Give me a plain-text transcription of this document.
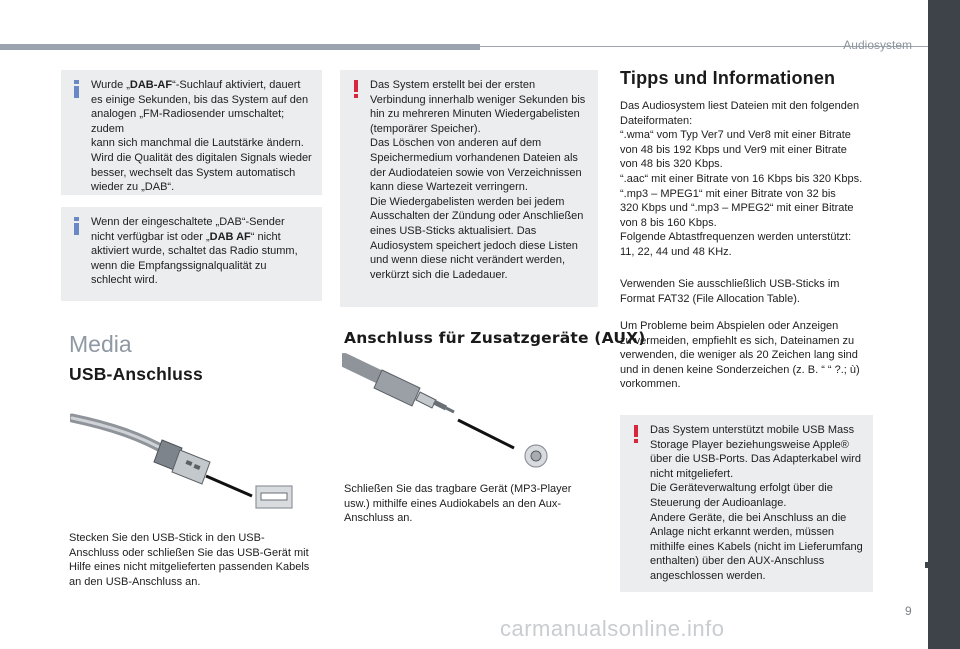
Audiosystem
9
carmanualsonline.info

Wurde „DAB-AF“-Suchlauf aktiviert, dauert
es einige Sekunden, bis das System auf den
analogen „FM-Radiosender umschaltet; zudem
kann sich manchmal die Lautstärke ändern.
Wird die Qualität des digitalen Signals wieder
besser, wechselt das System automatisch
wieder zu „DAB“.

Wenn der eingeschaltete „DAB“-Sender
nicht verfügbar ist oder „DAB AF“ nicht
aktiviert wurde, schaltet das Radio stumm,
wenn die Empfangssignalqualität zu
schlecht wird.

Media
USB-Anschluss

Stecken Sie den USB-Stick in den USB-
Anschluss oder schließen Sie das USB-Gerät mit
Hilfe eines nicht mitgelieferten passenden Kabels
an den USB-Anschluss an.

Das System erstellt bei der ersten
Verbindung innerhalb weniger Sekunden bis
hin zu mehreren Minuten Wiedergabelisten
(temporärer Speicher).
Das Löschen von anderen auf dem
Speichermedium vorhandenen Dateien als
der Audiodateien sowie von Verzeichnissen
kann diese Wartezeit verringern.
Die Wiedergabelisten werden bei jedem
Ausschalten der Zündung oder Anschließen
eines USB-Sticks aktualisiert. Das
Audiosystem speichert jedoch diese Listen
und wenn diese nicht verändert werden,
verkürzt sich die Ladedauer.

Anschluss für Zusatzgeräte (AUX)

Schließen Sie das tragbare Gerät (MP3-Player
usw.) mithilfe eines Audiokabels an den Aux-
Anschluss an.

Tipps und Informationen

Das Audiosystem liest Dateien mit den folgenden
Dateiformaten:
“.wma“ vom Typ Ver7 und Ver8 mit einer Bitrate
von 48 bis 192 Kbps und Ver9 mit einer Bitrate
von 48 bis 320 Kbps.
“.aac“ mit einer Bitrate von 16 Kbps bis 320 Kbps.
“.mp3 – MPEG1“ mit einer Bitrate von 32 bis
320 Kbps und “.mp3 – MPEG2“ mit einer Bitrate
von 8 bis 160 Kbps.
Folgende Abtastfrequenzen werden unterstützt:
11, 22, 44 und 48 KHz.

Verwenden Sie ausschließlich USB-Sticks im
Format FAT32 (File Allocation Table).

Um Probleme beim Abspielen oder Anzeigen
zu vermeiden, empfiehlt es sich, Dateinamen zu
verwenden, die weniger als 20 Zeichen lang sind
und in denen keine Sonderzeichen (z. B. “ “ ?.; ù)
vorkommen.

Das System unterstützt mobile USB Mass
Storage Player beziehungsweise Apple®
über die USB-Ports. Das Adapterkabel wird
nicht mitgeliefert.
Die Geräteverwaltung erfolgt über die
Steuerung der Audioanlage.
Andere Geräte, die bei Anschluss an die
Anlage nicht erkannt werden, müssen
mithilfe eines Kabels (nicht im Lieferumfang
enthalten) über den AUX-Anschluss
angeschlossen werden.
